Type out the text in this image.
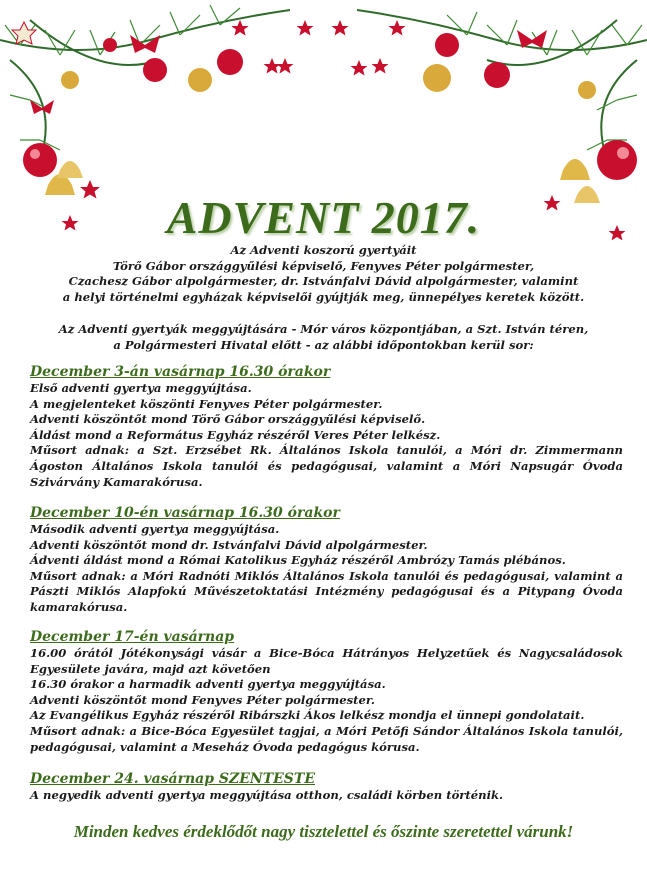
ADVENT 2017.
Az Adventi koszorú gyertyáit
Törő Gábor országgyűlési képviselő, Fenyves Péter polgármester,
Czachesz Gábor alpolgármester, dr. Istvánfalvi Dávid alpolgármester, valamint
a helyi történelmi egyházak képviselői gyújtják meg, ünnepélyes keretek között.
Az Adventi gyertyák meggyújtására - Mór város központjában, a Szt. István téren,
a Polgármesteri Hivatal előtt - az alábbi időpontokban kerül sor:

December 3-án vasárnap 16.30 órakor

Első adventi gyertya meggyújtása.
A megjelenteket köszönti Fenyves Péter polgármester.
Adventi köszöntőt mond Törő Gábor országgyűlési képviselő.
Áldást mond a Református Egyház részéről Veres Péter lelkész.
Műsort adnak: a Szt. Erzsébet Rk. Általános Iskola tanulói, a Móri dr. Zimmermann Ágoston Általános Iskola tanulói és pedagógusai, valamint a Móri Napsugár Óvoda Szivárvány Kamarakórusa.

December 10-én vasárnap 16.30 órakor

Második adventi gyertya meggyújtása.
Adventi köszöntőt mond dr. Istvánfalvi Dávid alpolgármester.
Ádventi áldást mond a Római Katolikus Egyház részéről Ambrózy Tamás plébános.
Műsort adnak: a Móri Radnóti Miklós Általános Iskola tanulói és pedagógusai, valamint a Pászti Miklós Alapfokú Művészetoktatási Intézmény pedagógusai és a Pitypang Óvoda kamarakórusa.

December 17-én vasárnap

16.00 órától Jótékonysági vásár a Bice-Bóca Hátrányos Helyzetűek és Nagycsaládosok Egyesülete javára, majd azt követően
16.30 órakor a harmadik adventi gyertya meggyújtása.
Adventi köszöntőt mond Fenyves Péter polgármester.
Az Evangélikus Egyház részéről Ribárszki Ákos lelkész mondja el ünnepi gondolatait.
Műsort adnak: a Bice-Bóca Egyesület tagjai, a Móri Petőfi Sándor Általános Iskola tanulói, pedagógusai, valamint a Meseház Óvoda pedagógus kórusa.

December 24. vasárnap SZENTESTE

A negyedik adventi gyertya meggyújtása otthon, családi körben történik.

Minden kedves érdeklődőt nagy tisztelettel és őszinte szeretettel várunk!
